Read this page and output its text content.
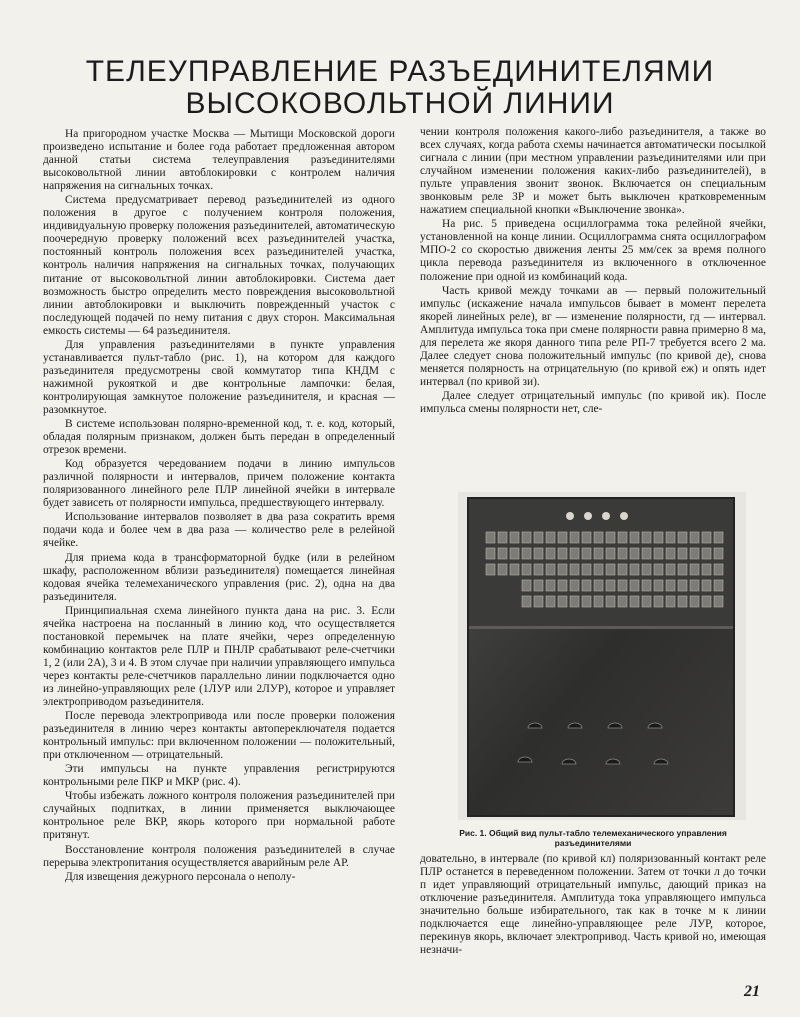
ТЕЛЕУПРАВЛЕНИЕ РАЗЪЕДИНИТЕЛЯМИ
ВЫСОКОВОЛЬТНОЙ ЛИНИИ

На пригородном участке Москва — Мытищи Московской дороги произведено испытание и более года работает предложенная автором данной статьи система телеуправления разъединителями высоковольтной линии автоблокировки с контролем наличия напряжения на сигнальных точках.

Система предусматривает перевод разъединителей из одного положения в другое с получением контроля положения, индивидуальную проверку положения разъединителей, автоматическую поочередную проверку положений всех разъединителей участка, постоянный контроль положения всех разъединителей участка, контроль наличия напряжения на сигнальных точках, получающих питание от высоковольтной линии автоблокировки. Система дает возможность быстро определить место повреждения высоковольтной линии автоблокировки и выключить поврежденный участок с последующей подачей по нему питания с двух сторон. Максимальная емкость системы — 64 разъединителя.

Для управления разъединителями в пункте управления устанавливается пульт-табло (рис. 1), на котором для каждого разъединителя предусмотрены свой коммутатор типа КНДМ с нажимной рукояткой и две контрольные лампочки: белая, контролирующая замкнутое положение разъединителя, и красная — разомкнутое.

В системе использован полярно-временной код, т. е. код, который, обладая полярным признаком, должен быть передан в определенный отрезок времени.

Код образуется чередованием подачи в линию импульсов различной полярности и интервалов, причем положение контакта поляризованного линейного реле ПЛР линейной ячейки в интервале будет зависеть от полярности импульса, предшествующего интервалу.

Использование интервалов позволяет в два раза сократить время подачи кода и более чем в два раза — количество реле в релейной ячейке.

Для приема кода в трансформаторной будке (или в релейном шкафу, расположенном вблизи разъединителя) помещается линейная кодовая ячейка телемеханического управления (рис. 2), одна на два разъединителя.

Принципиальная схема линейного пункта дана на рис. 3. Если ячейка настроена на посланный в линию код, что осуществляется постановкой перемычек на плате ячейки, через определенную комбинацию контактов реле ПЛР и ПНЛР срабатывают реле-счетчики 1, 2 (или 2А), 3 и 4. В этом случае при наличии управляющего импульса через контакты реле-счетчиков параллельно линии подключается одно из линейно-управляющих реле (1ЛУР или 2ЛУР), которое и управляет электроприводом разъединителя.

После перевода электропривода или после проверки положения разъединителя в линию через контакты автопереключателя подается контрольный импульс: при включенном положении — положительный, при отключенном — отрицательный.

Эти импульсы на пункте управления регистрируются контрольными реле ПКР и МКР (рис. 4).

Чтобы избежать ложного контроля положения разъединителей при случайных подпитках, в линии применяется выключающее контрольное реле ВКР, якорь которого при нормальной работе притянут.

Восстановление контроля положения разъединителей в случае перерыва электропитания осуществляется аварийным реле АР.

Для извещения дежурного персонала о неполу-

чении контроля положения какого-либо разъединителя, а также во всех случаях, когда работа схемы начинается автоматически посылкой сигнала с линии (при местном управлении разъединителями или при случайном изменении положения каких-либо разъединителей), в пульте управления звонит звонок. Включается он специальным звонковым реле ЗР и может быть выключен кратковременным нажатием специальной кнопки «Выключение звонка».

На рис. 5 приведена осциллограмма тока релейной ячейки, установленной на конце линии. Осциллограмма снята осциллографом МПО-2 со скоростью движения ленты 25 мм/сек за время полного цикла перевода разъединителя из включенного в отключенное положение при одной из комбинаций кода.

Часть кривой между точками ав — первый положительный импульс (искажение начала импульсов бывает в момент перелета якорей линейных реле), вг — изменение полярности, гд — интервал. Амплитуда импульса тока при смене полярности равна примерно 8 ма, для перелета же якоря данного типа реле РП-7 требуется всего 2 ма. Далее следует снова положительный импульс (по кривой де), снова меняется полярность на отрицательную (по кривой еж) и опять идет интервал (по кривой зи).

Далее следует отрицательный импульс (по кривой ик). После импульса смены полярности нет, сле-

Рис. 1. Общий вид пульт-табло телемеханического управления разъединителями

довательно, в интервале (по кривой кл) поляризованный контакт реле ПЛР останется в переведенном положении. Затем от точки л до точки п идет управляющий отрицательный импульс, дающий приказ на отключение разъединителя. Амплитуда тока управляющего импульса значительно больше избирательного, так как в точке м к линии подключается еще линейно-управляющее реле ЛУР, которое, перекинув якорь, включает электропривод. Часть кривой но, имеющая незначи-

21
